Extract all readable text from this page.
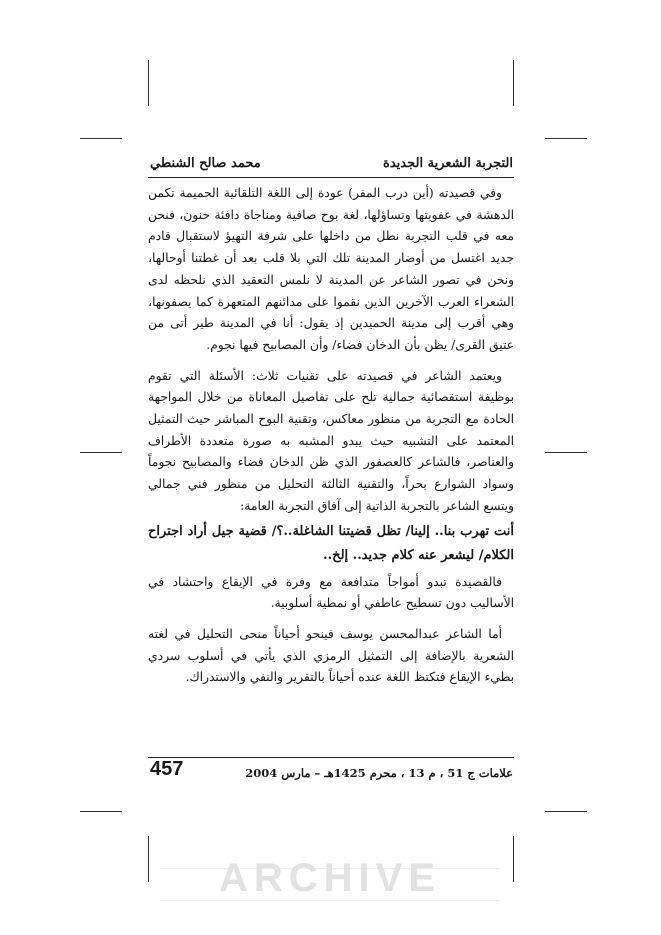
التجربة الشعرية الجديدة
محمد صالح الشنطي

وفي قصيدته (أين درب المفر) عودة إلى اللغة التلقائية الحميمة تكمن الدهشة في عفويتها وتساؤلها، لغة بوح صافية ومناجاة دافئة حنون، فنحن معه في قلب التجربة نطل من داخلها على شرفة التهيؤ لاستقبال قادم جديد اغتسل من أوضار المدينة تلك التي بلا قلب بعد أن غطتنا أوحالها، ونحن في تصور الشاعر عن المدينة لا نلمس التعقيد الذي نلحظه لدى الشعراء العرب الآخرين الذين نقموا على مدائنهم المتعهرة كما يصفونها، وهي أقرب إلى مدينة الحميدين إذ يقول: أنا في المدينة طير أتى من عتيق القرى/ يظن بأن الدخان فضاء/ وأن المصابيح فيها نجوم.

ويعتمد الشاعر في قصيدته على تقنيات ثلاث: الأسئلة التي تقوم بوظيفة استقصائية جمالية تلح على تفاصيل المعاناة من خلال المواجهة الحادة مع التجربة من منظور معاكس، وتقنية البوح المباشر حيث التمثيل المعتمد على التشبيه حيث يبدو المشبه به صورة متعددة الأطراف والعناصر، فالشاعر كالعصفور الذي ظن الدخان فضاء والمصابيح نجوماً وسواد الشوارع بحراً، والتقنية الثالثة التحليل من منظور فني جمالي ويتسع الشاعر بالتجربة الذاتية إلى آفاق التجربة العامة:

أنت تهرب بنا.. إلينا/ تظل قضيتنا الشاغلة..؟/ قضية جيل أراد اجتراح الكلام/ ليشعر عنه كلام جديد.. إلخ..

فالقصيدة تبدو أمواجاً متدافعة مع وفرة في الإيقاع واحتشاد في الأساليب دون تسطيح عاطفي أو نمطية أسلوبية.

أما الشاعر عبدالمحسن يوسف فينحو أحياناً منحى التحليل في لغته الشعرية بالإضافة إلى التمثيل الرمزي الذي يأتي في أسلوب سردي بطيء الإيقاع فتكتظ اللغة عنده أحياناً بالتقرير والنفي والاستدراك.

علامات ج 51 ، م 13 ، محرم 1425هـ – مارس 2004
457
ARCHIVE
